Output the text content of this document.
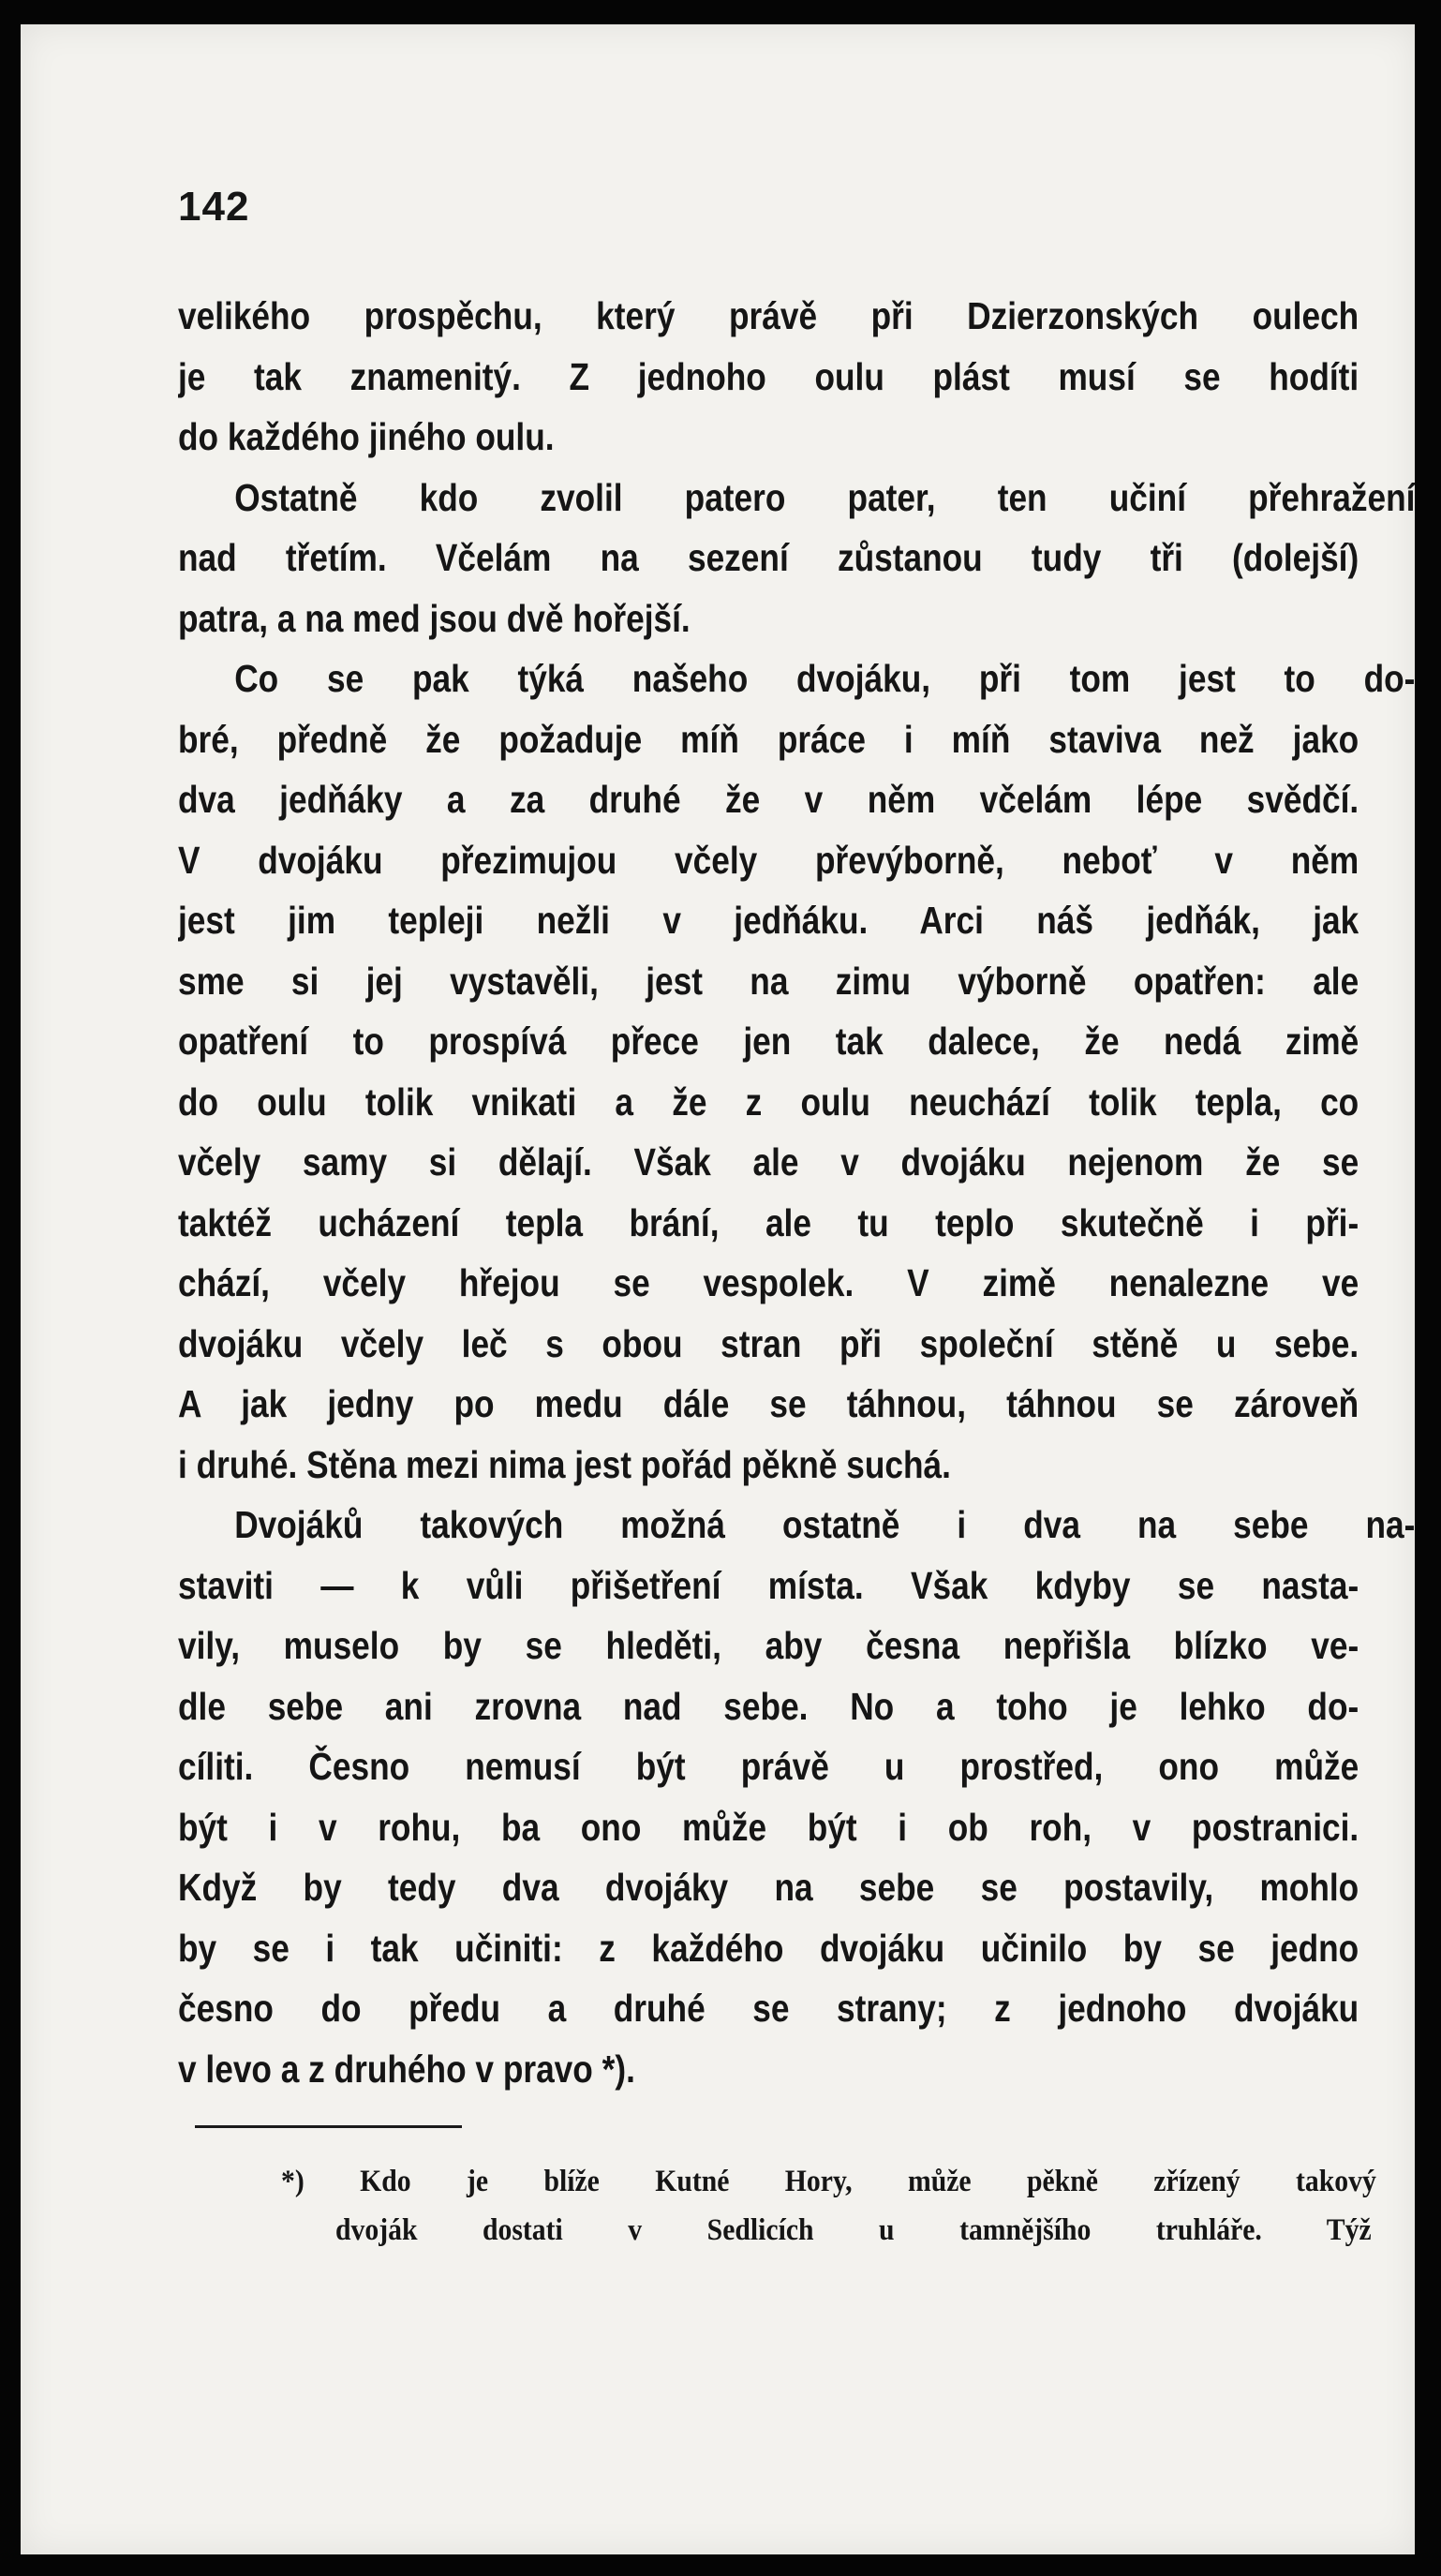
142
velikého prospěchu, který právě při Dzierzonských oulech
je tak znamenitý. Z jednoho oulu plást musí se hodíti
do každého jiného oulu.
Ostatně kdo zvolil patero pater, ten učiní přehražení
nad třetím. Včelám na sezení zůstanou tudy tři (dolejší)
patra, a na med jsou dvě hořejší.
Co se pak týká našeho dvojáku, při tom jest to do-
bré, předně že požaduje míň práce i míň staviva než jako
dva jedňáky a za druhé že v něm včelám lépe svědčí.
V dvojáku přezimujou včely převýborně, neboť v něm
jest jim tepleji nežli v jedňáku. Arci náš jedňák, jak
sme si jej vystavěli, jest na zimu výborně opatřen: ale
opatření to prospívá přece jen tak dalece, že nedá zimě
do oulu tolik vnikati a že z oulu neuchází tolik tepla, co
včely samy si dělají. Však ale v dvojáku nejenom že se
taktéž ucházení tepla brání, ale tu teplo skutečně i při-
chází, včely hřejou se vespolek. V zimě nenalezne ve
dvojáku včely leč s obou stran při společní stěně u sebe.
A jak jedny po medu dále se táhnou, táhnou se zároveň
i druhé. Stěna mezi nima jest pořád pěkně suchá.
Dvojáků takových možná ostatně i dva na sebe na-
staviti — k vůli přišetření místa. Však kdyby se nasta-
vily, muselo by se hleděti, aby česna nepřišla blízko ve-
dle sebe ani zrovna nad sebe. No a toho je lehko do-
cíliti. Česno nemusí být právě u prostřed, ono může
být i v rohu, ba ono může být i ob roh, v postranici.
Když by tedy dva dvojáky na sebe se postavily, mohlo
by se i tak učiniti: z každého dvojáku učinilo by se jedno
česno do předu a druhé se strany; z jednoho dvojáku
v levo a z druhého v pravo *).
*) Kdo je blíže Kutné Hory, může pěkně zřízený takový
dvoják dostati v Sedlicích u tamnějšího truhláře. Týž
